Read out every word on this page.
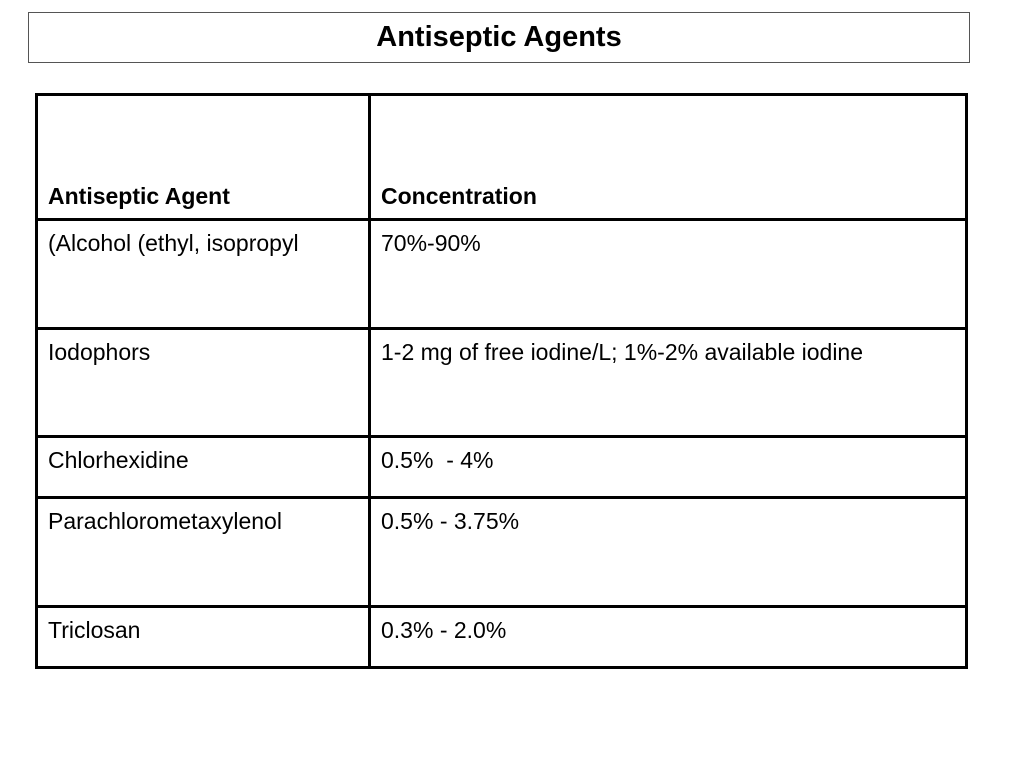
Antiseptic Agents
Antiseptic Agent	Concentration
(Alcohol (ethyl, isopropyl	70%-90%
Iodophors	1-2 mg of free iodine/L; 1%-2% available iodine
Chlorhexidine	0.5%  - 4%
Parachlorometaxylenol	0.5% - 3.75%
Triclosan	0.3% - 2.0%
